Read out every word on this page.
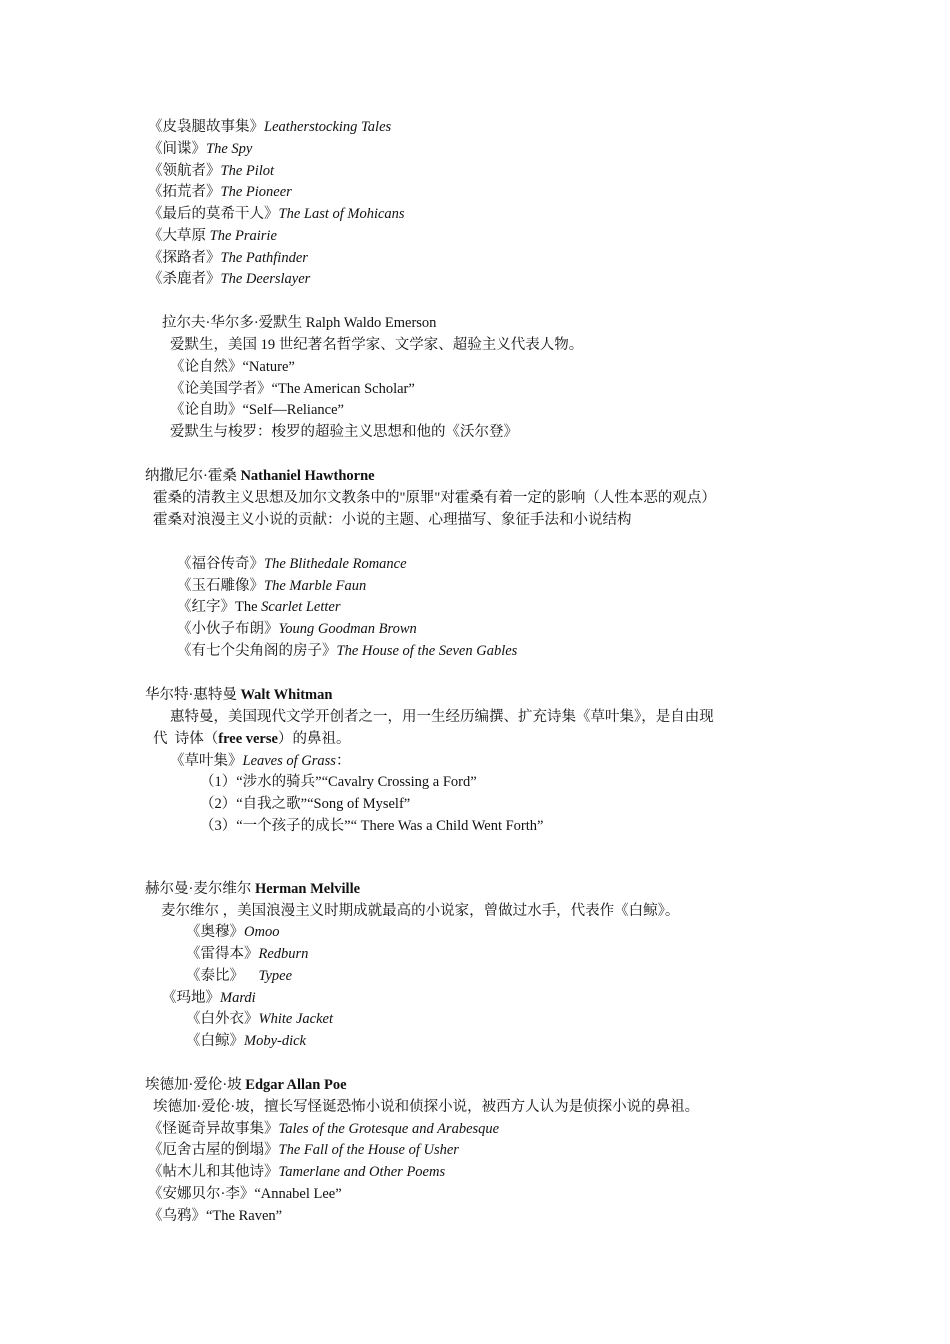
《皮袅腿故事集》Leatherstocking Tales
《间谍》The Spy
《领航者》The Pilot
《拓荒者》The Pioneer
《最后的莫希干人》The Last of Mohicans
《大草原 The Prairie
《探路者》The Pathfinder
《杀鹿者》The Deerslayer
拉尔夫·华尔多·爱默生 Ralph Waldo Emerson
爱默生，美国 19 世纪著名哲学家、文学家、超验主义代表人物。
《论自然》“Nature”
《论美国学者》“The American Scholar”
《论自助》“Self—Reliance”
爱默生与梭罗：梭罗的超验主义思想和他的《沃尔登》
纳撒尼尔·霍桑 Nathaniel Hawthorne
霍桑的清教主义思想及加尔文教条中的"原罪"对霍桑有着一定的影响（人性本恶的观点）
霍桑对浪漫主义小说的贡献：小说的主题、心理描写、象征手法和小说结构
《福谷传奇》The Blithedale Romance
《玉石雕像》The Marble Faun
《红字》The Scarlet Letter
《小伙子布朗》Young Goodman Brown
《有七个尖角阁的房子》The House of the Seven Gables
华尔特·惠特曼 Walt Whitman
惠特曼，美国现代文学开创者之一，用一生经历编撰、扩充诗集《草叶集》，是自由现
代  诗体（free verse）的鼻祖。
《草叶集》Leaves of Grass：
（1）“涉水的骑兵”“Cavalry Crossing a Ford”
（2）“自我之歌”“Song of Myself”
（3）“一个孩子的成长”“ There Was a Child Went Forth”
赫尔曼·麦尔维尔 Herman Melville
麦尔维尔 ，美国浪漫主义时期成就最高的小说家，曾做过水手，代表作《白鲸》。
《奥穆》Omoo
《雷得本》Redburn
《泰比》    Typee
《玛地》Mardi
《白外衣》White Jacket
《白鲸》Moby-dick
埃德加·爱伦·坡 Edgar Allan Poe
埃德加·爱伦·坡，擅长写怪诞恐怖小说和侦探小说，被西方人认为是侦探小说的鼻祖。
《怪诞奇异故事集》Tales of the Grotesque and Arabesque
《厄舍古屋的倒塌》The Fall of the House of Usher
《帖木儿和其他诗》Tamerlane and Other Poems
《安娜贝尔·李》“Annabel Lee”
《乌鸦》“The Raven”
